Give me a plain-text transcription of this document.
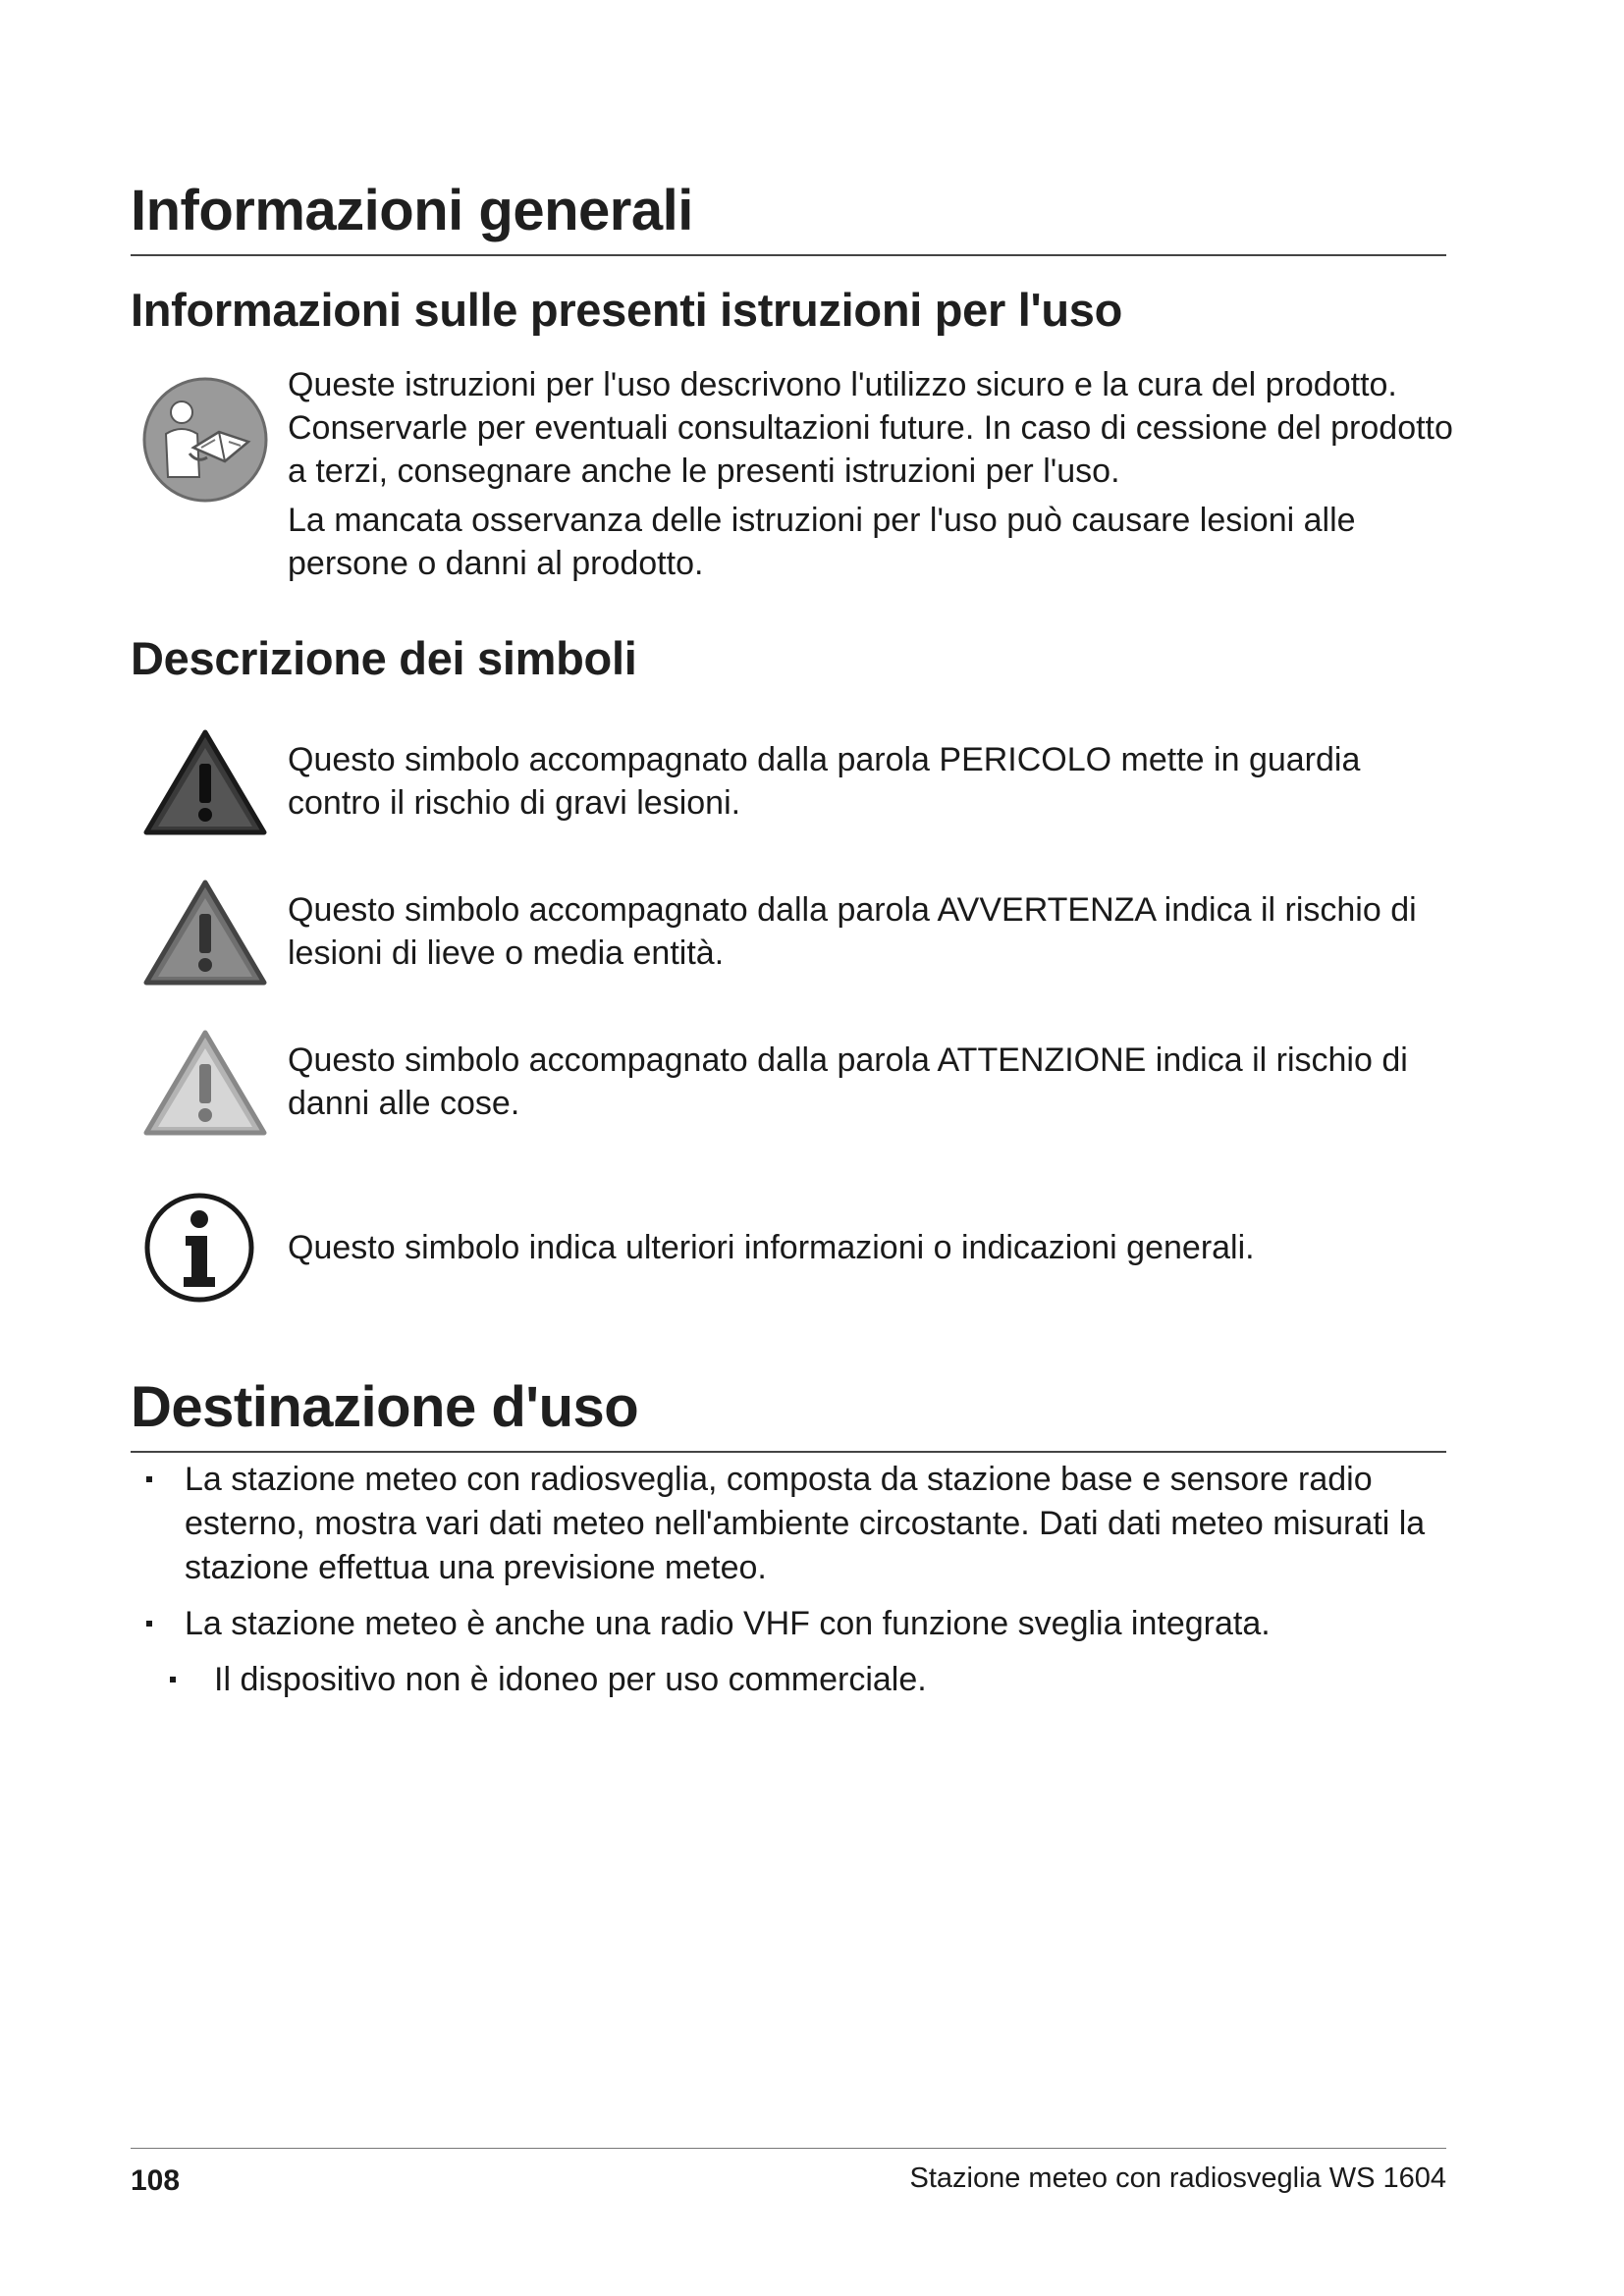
Informazioni generali
Informazioni sulle presenti istruzioni per l'uso

Queste istruzioni per l'uso descrivono l'utilizzo sicuro e la cura del prodotto. Conservarle per eventuali consultazioni future. In caso di cessione del prodotto a terzi, consegnare anche le presenti istruzioni per l'uso.

La mancata osservanza delle istruzioni per l'uso può causare lesioni alle persone o danni al prodotto.

Descrizione dei simboli

Questo simbolo accompagnato dalla parola PERICOLO mette in guardia contro il rischio di gravi lesioni.

Questo simbolo accompagnato dalla parola AVVERTENZA indica il rischio di lesioni di lieve o media entità.

Questo simbolo accompagnato dalla parola ATTENZIONE indica il rischio di danni alle cose.

Questo simbolo indica ulteriori informazioni o indicazioni generali.

Destinazione d'uso
La stazione meteo con radiosveglia, composta da stazione base e sensore radio esterno, mostra vari dati meteo nell'ambiente circostante. Dati dati meteo misurati la stazione effettua una previsione meteo.
La stazione meteo è anche una radio VHF con funzione sveglia integrata.
Il dispositivo non è idoneo per uso commerciale.
108	Stazione meteo con radiosveglia WS 1604
